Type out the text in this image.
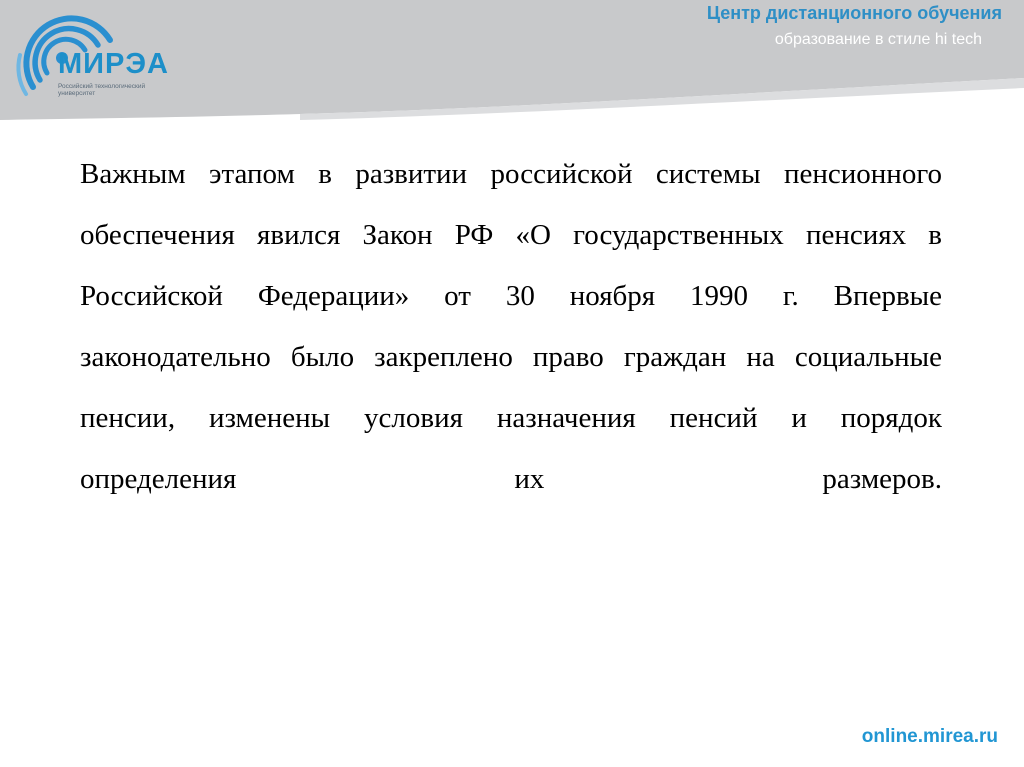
МИРЭА
Российский технологический университет
Центр дистанционного обучения
образование в стиле hi tech

Важным этапом в развитии российской системы пенсионного обеспечения явился Закон РФ «О государственных пенсиях в Российской Федерации» от 30 ноября 1990 г. Впервые законодательно было закреплено право граждан на социальные пенсии, изменены условия назначения пенсий и порядок определения их размеров.

online.mirea.ru
